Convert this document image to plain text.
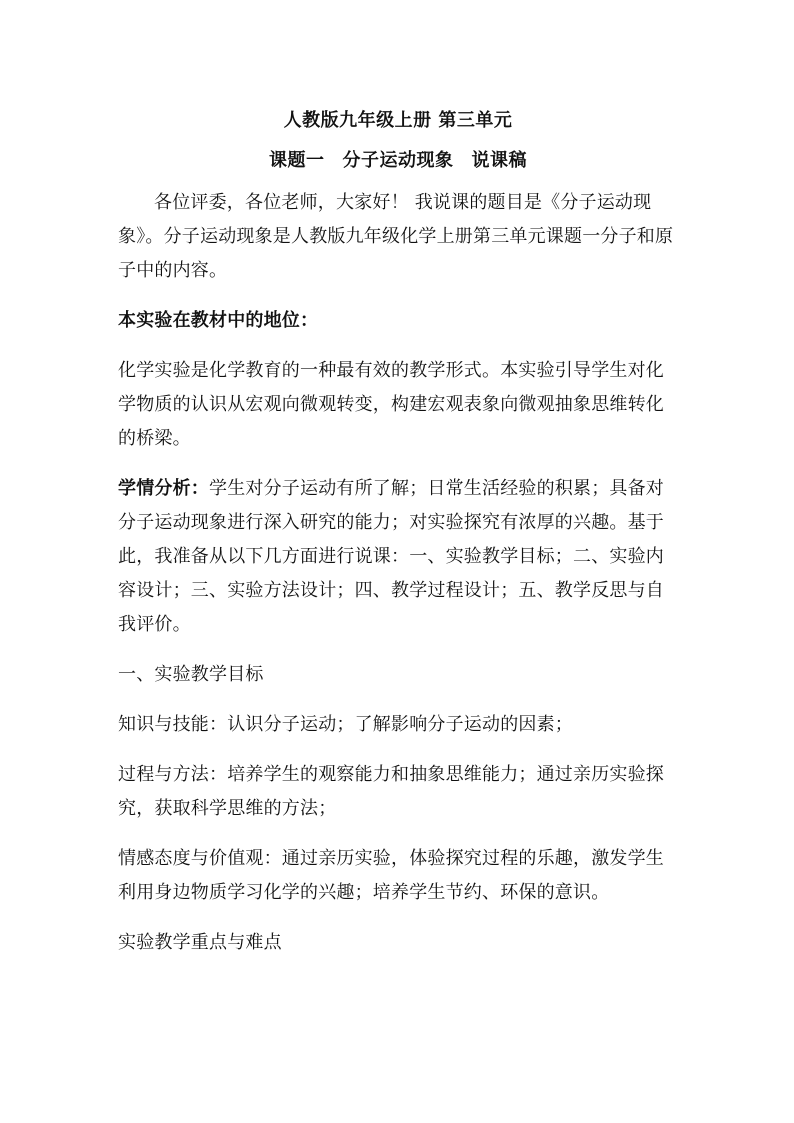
人教版九年级上册 第三单元
课题一 分子运动现象 说课稿

各位评委，各位老师，大家好！ 我说课的题目是《分子运动现象》。分子运动现象是人教版九年级化学上册第三单元课题一分子和原子中的内容。

本实验在教材中的地位：

化学实验是化学教育的一种最有效的教学形式。本实验引导学生对化学物质的认识从宏观向微观转变，构建宏观表象向微观抽象思维转化的桥梁。

学情分析：学生对分子运动有所了解；日常生活经验的积累；具备对分子运动现象进行深入研究的能力；对实验探究有浓厚的兴趣。基于此，我准备从以下几方面进行说课：一、实验教学目标；二、实验内容设计；三、实验方法设计；四、教学过程设计；五、教学反思与自我评价。

一、实验教学目标

知识与技能：认识分子运动；了解影响分子运动的因素；

过程与方法：培养学生的观察能力和抽象思维能力；通过亲历实验探究，获取科学思维的方法；

情感态度与价值观：通过亲历实验，体验探究过程的乐趣，激发学生利用身边物质学习化学的兴趣；培养学生节约、环保的意识。

实验教学重点与难点
